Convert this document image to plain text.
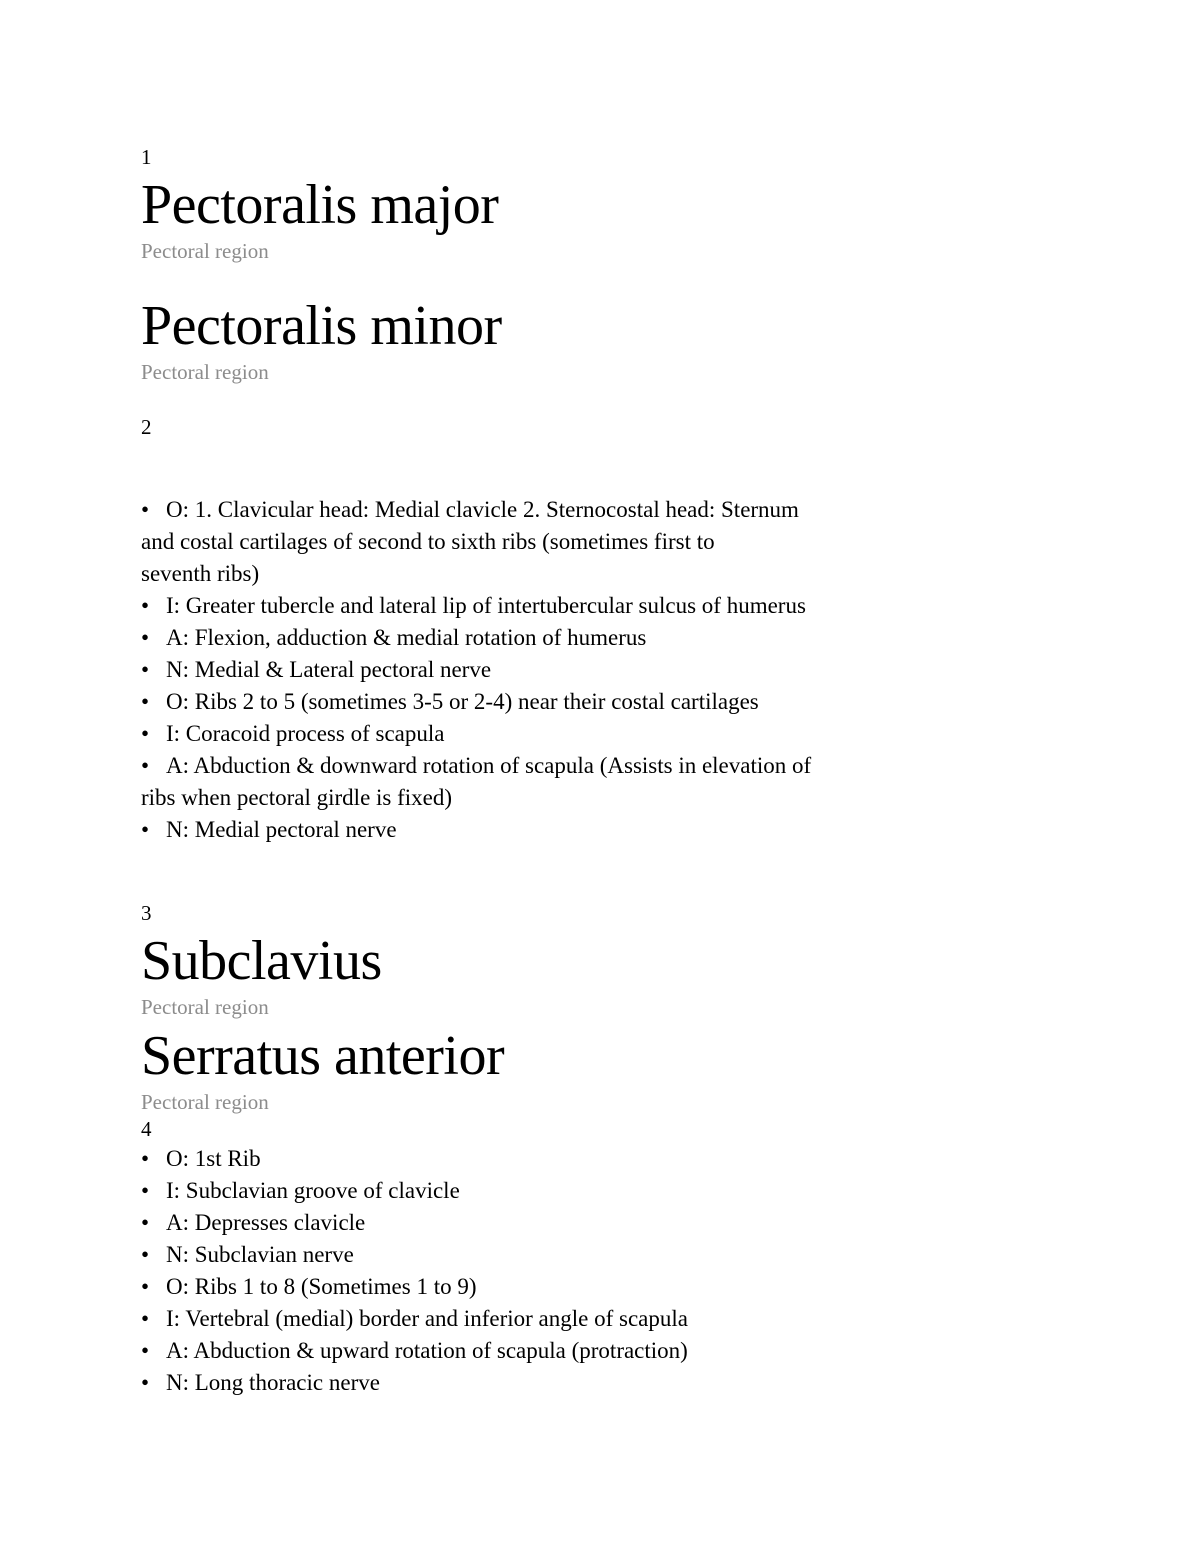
1
Pectoralis major
Pectoral region
Pectoralis minor
Pectoral region
2
• O: 1. Clavicular head: Medial clavicle 2. Sternocostal head: Sternum
and costal cartilages of second to sixth ribs (sometimes first to
seventh ribs)
• I: Greater tubercle and lateral lip of intertubercular sulcus of humerus
• A: Flexion, adduction & medial rotation of humerus
• N: Medial & Lateral pectoral nerve
• O: Ribs 2 to 5 (sometimes 3-5 or 2-4) near their costal cartilages
• I: Coracoid process of scapula
• A: Abduction & downward rotation of scapula (Assists in elevation of
ribs when pectoral girdle is fixed)
• N: Medial pectoral nerve
3
Subclavius
Pectoral region
Serratus anterior
Pectoral region
4
• O: 1st Rib
• I: Subclavian groove of clavicle
• A: Depresses clavicle
• N: Subclavian nerve
• O: Ribs 1 to 8 (Sometimes 1 to 9)
• I: Vertebral (medial) border and inferior angle of scapula
• A: Abduction & upward rotation of scapula (protraction)
• N: Long thoracic nerve
